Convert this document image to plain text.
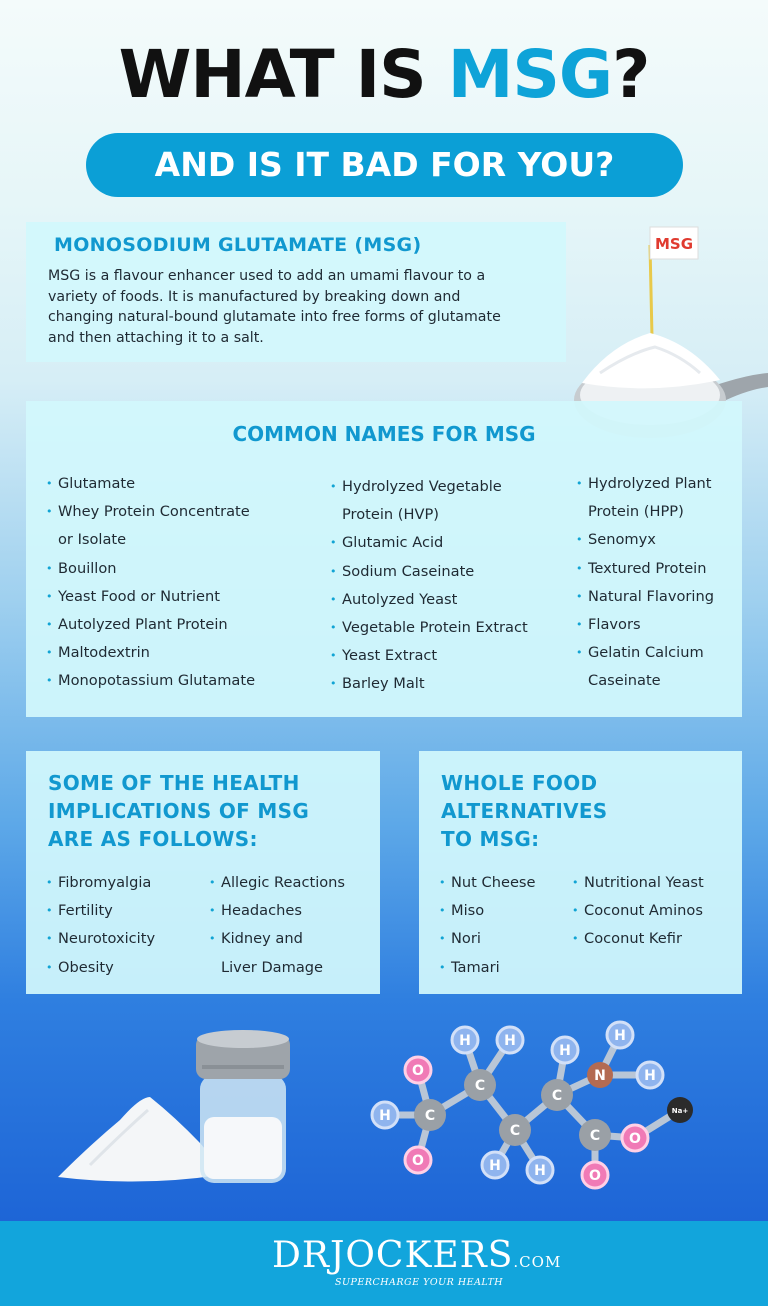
WHAT IS MSG?
AND IS IT BAD FOR YOU?
MONOSODIUM GLUTAMATE (MSG)

MSG is a flavour enhancer used to add an umami flavour to a
variety of foods. It is manufactured by breaking down and
changing natural-bound glutamate into free forms of glutamate
and then attaching it to a salt.

MSG
COMMON NAMES FOR MSG
• Glutamate
• Whey Protein Concentrate
or Isolate
• Bouillon
• Yeast Food or Nutrient
• Autolyzed Plant Protein
• Maltodextrin
• Monopotassium Glutamate
• Hydrolyzed Vegetable
Protein (HVP)
• Glutamic Acid
• Sodium Caseinate
• Autolyzed Yeast
• Vegetable Protein Extract
• Yeast Extract
• Barley Malt
• Hydrolyzed Plant
Protein (HPP)
• Senomyx
• Textured Protein
• Natural Flavoring
• Flavors
• Gelatin Calcium
Caseinate
SOME OF THE HEALTH
IMPLICATIONS OF MSG
ARE AS FOLLOWS:
• Fibromyalgia
• Fertility
• Neurotoxicity
• Obesity
• Allegic Reactions
• Headaches
• Kidney and
Liver Damage
WHOLE FOOD
ALTERNATIVES
TO MSG:
• Nut Cheese
• Miso
• Nori
• Tamari
• Nutritional Yeast
• Coconut Aminos
• Coconut Kefir
O
C
H
O
H
C
H
H
C
H
H
C
N
H
H
C
O
O
Na+
DRJOCKERS.COM
SUPERCHARGE YOUR HEALTH
